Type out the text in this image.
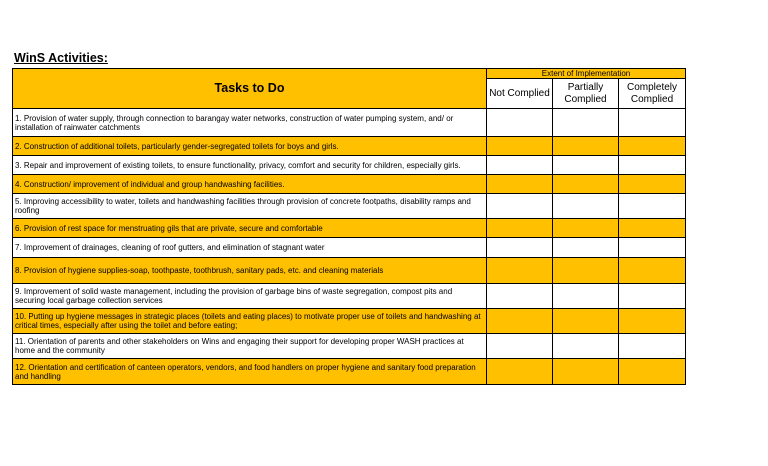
WinS Activities:
Tasks to Do	Extent of Implementation		
	Not Complied	Partially Complied	Completely Complied
1. Provision of water supply, through connection to barangay water networks, construction of water pumping system, and/ or installation of rainwater catchments			
2. Construction of additional toilets, particularly gender-segregated toilets for boys and girls.			
3. Repair and improvement of existing toilets, to ensure functionality, privacy, comfort and security for children, especially girls.			
4. Construction/ improvement of individual and group handwashing facilities.			
5. Improving accessibility to water, toilets and handwashing facilities through provision of concrete footpaths, disability ramps and roofing			
6. Provision of rest space for menstruating gils that are private, secure and comfortable			
7. Improvement of drainages, cleaning of roof gutters, and elimination of stagnant water			
8. Provision of hygiene supplies-soap, toothpaste, toothbrush, sanitary pads, etc. and cleaning materials			
9. Improvement of solid waste management, including the provision of garbage bins of waste segregation, compost pits and securing local garbage collection services			
10. Putting up hygiene messages in strategic places (toilets and eating places) to motivate proper use of toilets and handwashing at critical times, especially after using the toilet and before eating;			
11. Orientation of parents and other stakeholders on Wins and engaging their support for developing proper WASH practices at home and the community			
12. Orientation and certification of canteen operators, vendors, and food handlers on proper hygiene and sanitary food preparation and handling			
